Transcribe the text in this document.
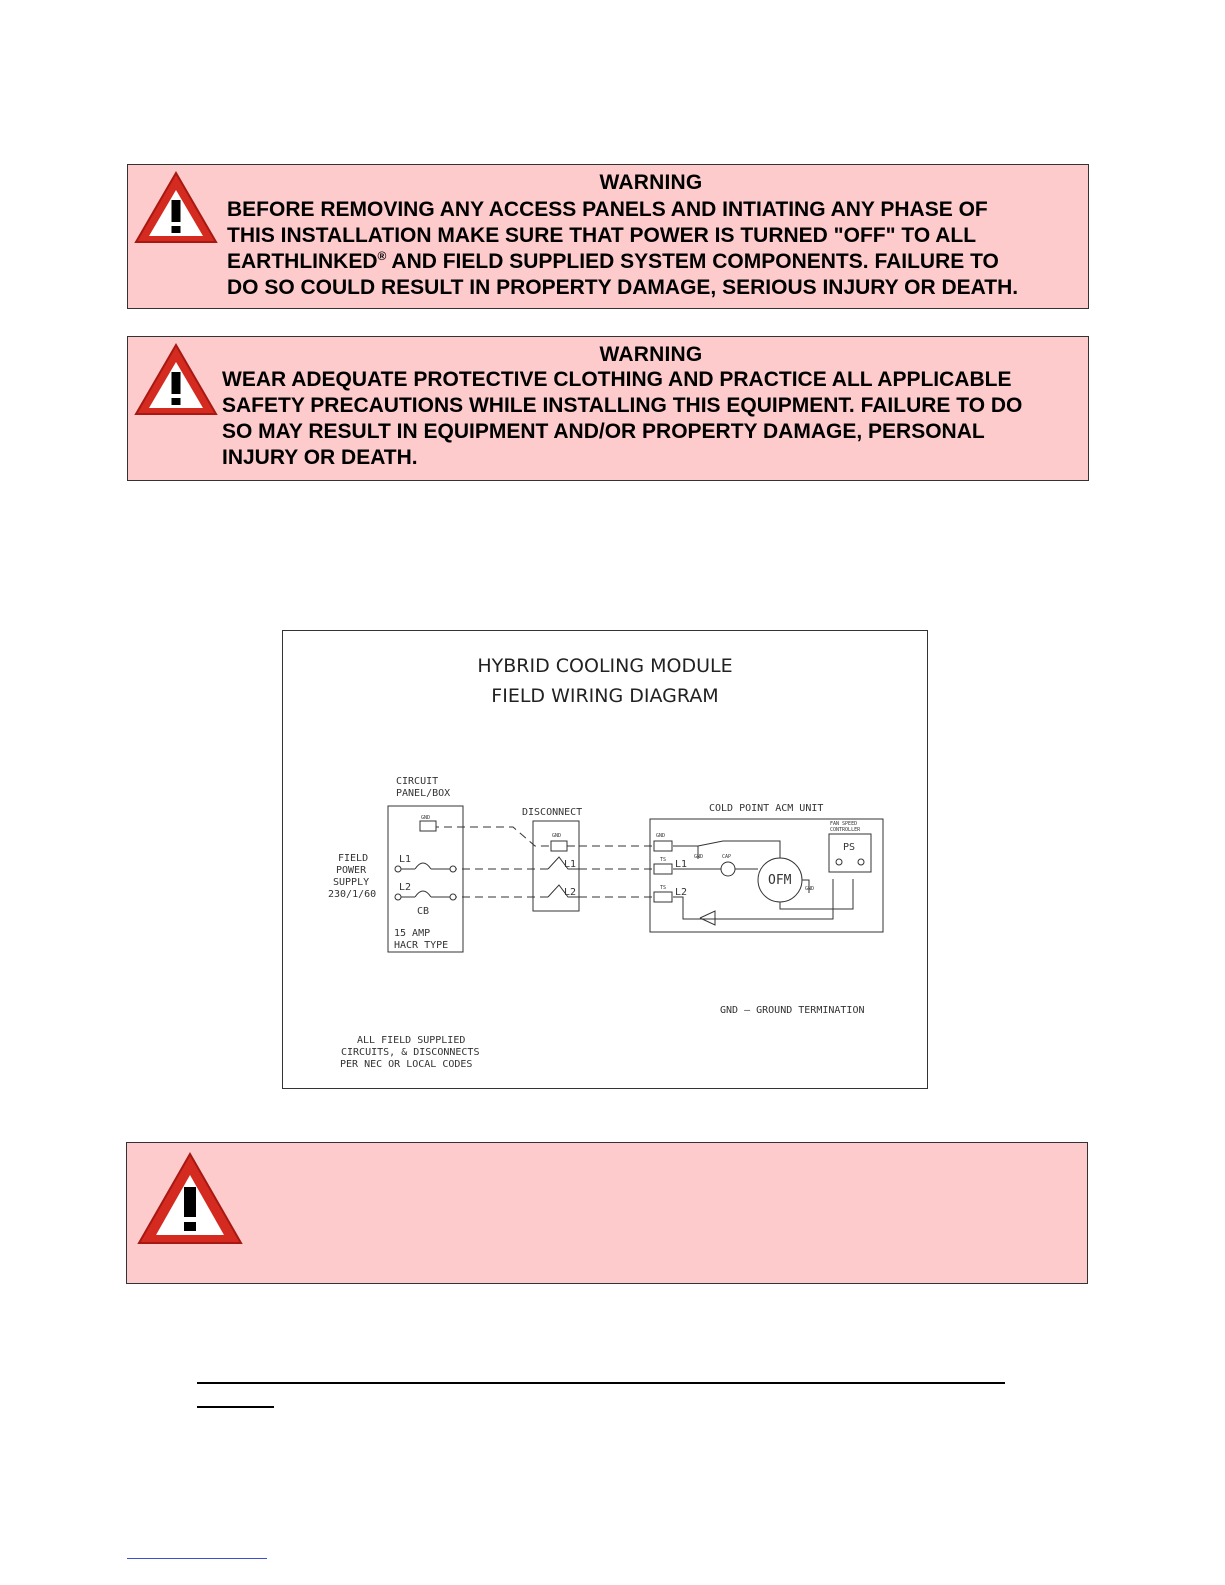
WARNING
BEFORE REMOVING ANY ACCESS PANELS AND INTIATING ANY PHASE OF
THIS INSTALLATION MAKE SURE THAT POWER IS TURNED "OFF" TO ALL
EARTHLINKED® AND FIELD SUPPLIED SYSTEM COMPONENTS. FAILURE TO
DO SO COULD RESULT IN PROPERTY DAMAGE, SERIOUS INJURY OR DEATH.
WARNING
WEAR ADEQUATE PROTECTIVE CLOTHING AND PRACTICE ALL APPLICABLE
SAFETY PRECAUTIONS WHILE INSTALLING THIS EQUIPMENT. FAILURE TO DO
SO MAY RESULT IN EQUIPMENT AND/OR PROPERTY DAMAGE, PERSONAL
INJURY OR DEATH.
HYBRID COOLING MODULE
FIELD WIRING DIAGRAM
CIRCUIT
PANEL/BOX
FIELD
POWER
SUPPLY
230/1/60
L1
L2
CB
15 AMP
HACR TYPE
GND	DISCONNECT
GND
L1
L2
COLD POINT ACM UNIT
GND
TS
TS
L1
L2
GND	CAP
GND
OFM
PS
FAN SPEED
CONTROLLER
GND — GROUND TERMINATION
ALL FIELD SUPPLIED
CIRCUITS, & DISCONNECTS
PER NEC OR LOCAL CODES
